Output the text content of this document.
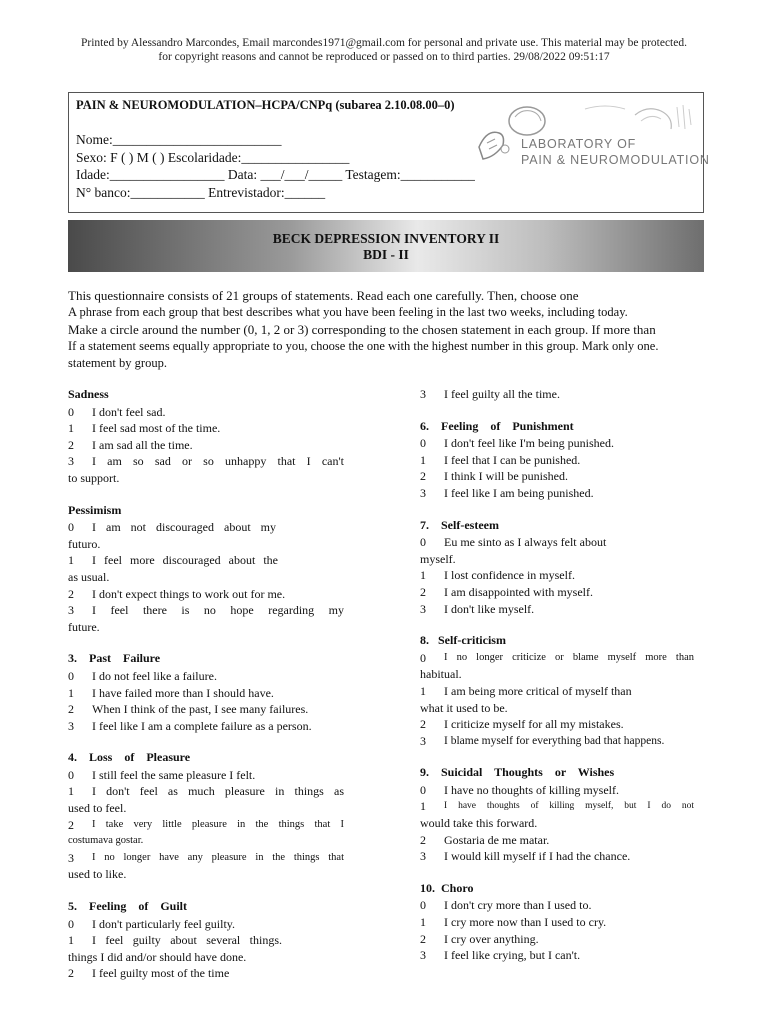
Printed by Alessandro Marcondes, Email marcondes1971@gmail.com for personal and private use. This material may be protected.
for copyright reasons and cannot be reproduced or passed on to third parties. 29/08/2022 09:51:17
PAIN & NEUROMODULATION–HCPA/CNPq (subarea 2.10.08.00–0)
Nome:_________________________
Sexo: F ( ) M ( ) Escolaridade:________________
Idade:_________________ Data: ___/___/_____ Testagem:___________
N° banco:___________ Entrevistador:______
LABORATORY OF
PAIN & NEUROMODULATION
BECK DEPRESSION INVENTORY II
BDI - II
This questionnaire consists of 21 groups of statements. Read each one carefully. Then, choose one
A phrase from each group that best describes what you have been feeling in the last two weeks, including today.
Make a circle around the number (0, 1, 2 or 3) corresponding to the chosen statement in each group. If more than
If a statement seems equally appropriate to you, choose the one with the highest number in this group. Mark only one.
statement by group.
Sadness
0	I don't feel sad.
1	I feel sad most of the time.
2	I am sad all the time.
3	I am so sad or so unhappy that I can't
to support.
Pessimism
0	I am not discouraged about my
futuro.
1	I feel more discouraged about the
as usual.
2	I don't expect things to work out for me.
3	I feel there is no hope regarding my
future.
3.    Past    Failure
0	I do not feel like a failure.
1	I have failed more than I should have.
2	When I think of the past, I see many failures.
3	I feel like I am a complete failure as a person.
4.    Loss    of    Pleasure
0	I still feel the same pleasure I felt.
1	I don't feel as much pleasure in things as
used to feel.
2	I take very little pleasure in the things that I
costumava gostar.
3	I no longer have any pleasure in the things that
used to like.
5.    Feeling    of    Guilt
0	I don't particularly feel guilty.
1	I feel guilty about several things.
things I did and/or should have done.
2	I feel guilty most of the time
3	I feel guilty all the time.
6.    Feeling    of    Punishment
0	I don't feel like I'm being punished.
1	I feel that I can be punished.
2	I think I will be punished.
3	I feel like I am being punished.
7.    Self-esteem
0	Eu me sinto as I always felt about
myself.
1	I lost confidence in myself.
2	I am disappointed with myself.
3	I don't like myself.
8.   Self-criticism
0	I no longer criticize or blame myself more than
habitual.
1	I am being more critical of myself than
what it used to be.
2	I criticize myself for all my mistakes.
3	I blame myself for everything bad that happens.
9.    Suicidal    Thoughts    or    Wishes
0	I have no thoughts of killing myself.
1	I have thoughts of killing myself, but I do not
would take this forward.
2	Gostaria de me matar.
3	I would kill myself if I had the chance.
10.  Choro
0	I don't cry more than I used to.
1	I cry more now than I used to cry.
2	I cry over anything.
3	I feel like crying, but I can't.
